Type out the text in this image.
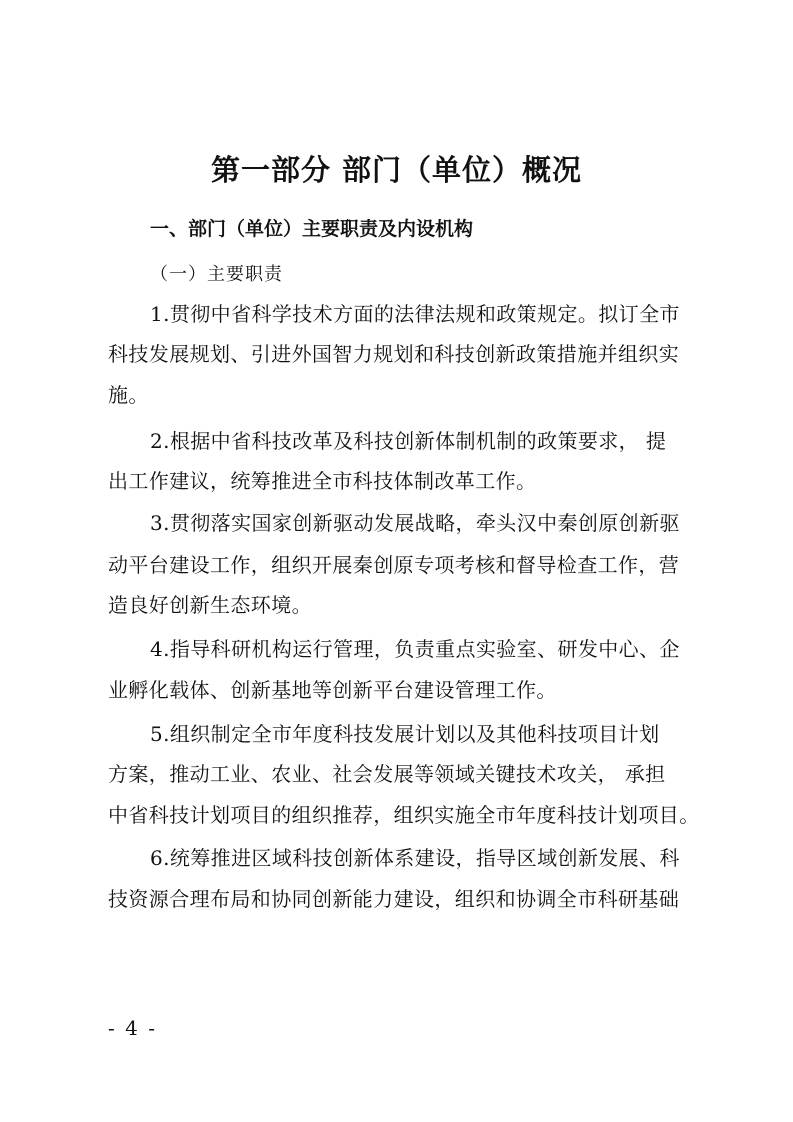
第一部分 部门（单位）概况
一、部门（单位）主要职责及内设机构
（一）主要职责
1.贯彻中省科学技术方面的法律法规和政策规定。拟订全市
科技发展规划、引进外国智力规划和科技创新政策措施并组织实
施。
2.根据中省科技改革及科技创新体制机制的政策要求， 提
出工作建议，统筹推进全市科技体制改革工作。
3.贯彻落实国家创新驱动发展战略，牵头汉中秦创原创新驱
动平台建设工作，组织开展秦创原专项考核和督导检查工作，营
造良好创新生态环境。
4.指导科研机构运行管理，负责重点实验室、研发中心、企
业孵化载体、创新基地等创新平台建设管理工作。
5.组织制定全市年度科技发展计划以及其他科技项目计划
方案，推动工业、农业、社会发展等领域关键技术攻关， 承担
中省科技计划项目的组织推荐，组织实施全市年度科技计划项目。
6.统筹推进区域科技创新体系建设，指导区域创新发展、科
技资源合理布局和协同创新能力建设，组织和协调全市科研基础
- 4 -
